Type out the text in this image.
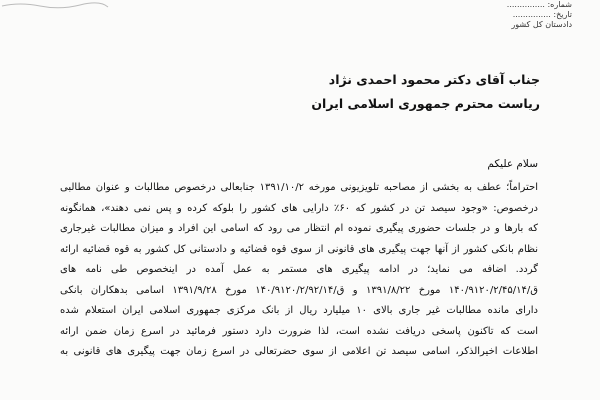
شماره: ...............
تاریخ: ...............
دادستان کل کشور
جناب آقای دکتر محمود احمدی نژاد
ریاست محترم جمهوری اسلامی ایران
سلام علیکم
احتراماً؛ عطف به بخشی از مصاحبه تلویزیونی مورخه ۱۳۹۱/۱۰/۲ جنابعالی درخصوص مطالبات و عنوان مطالبی
درخصوص: «وجود سیصد تن در کشور که ۶۰٪ دارایی های کشور را بلوکه کرده و پس نمی دهند»، همانگونه
که بارها و در جلسات حضوری پیگیری نموده ام انتظار می رود که اسامی این افراد و میزان مطالبات غیرجاری
نظام بانکی کشور از آنها جهت پیگیری های قانونی از سوی قوه قضائیه و دادستانی کل کشور به قوه قضائیه ارائه
گردد. اضافه می نماید؛ در ادامه پیگیری های مستمر به عمل آمده در اینخصوص طی نامه های
ق/۱۴۰/۹۱۲۰/۲/۴۵/۱۴ مورخ ۱۳۹۱/۸/۲۲ و ق/۱۴۰/۹۱۲۰/۲/۹۲/۱۴ مورخ ۱۳۹۱/۹/۲۸ اسامی بدهکاران بانکی
دارای مانده مطالبات غیر جاری بالای ۱۰ میلیارد ریال از بانک مرکزی جمهوری اسلامی ایران استعلام شده
است که تاکنون پاسخی دریافت نشده است، لذا ضرورت دارد دستور فرمائید در اسرع زمان ضمن ارائه
اطلاعات اخیرالذکر، اسامی سیصد تن اعلامی از سوی حضرتعالی در اسرع زمان جهت پیگیری های قانونی به
